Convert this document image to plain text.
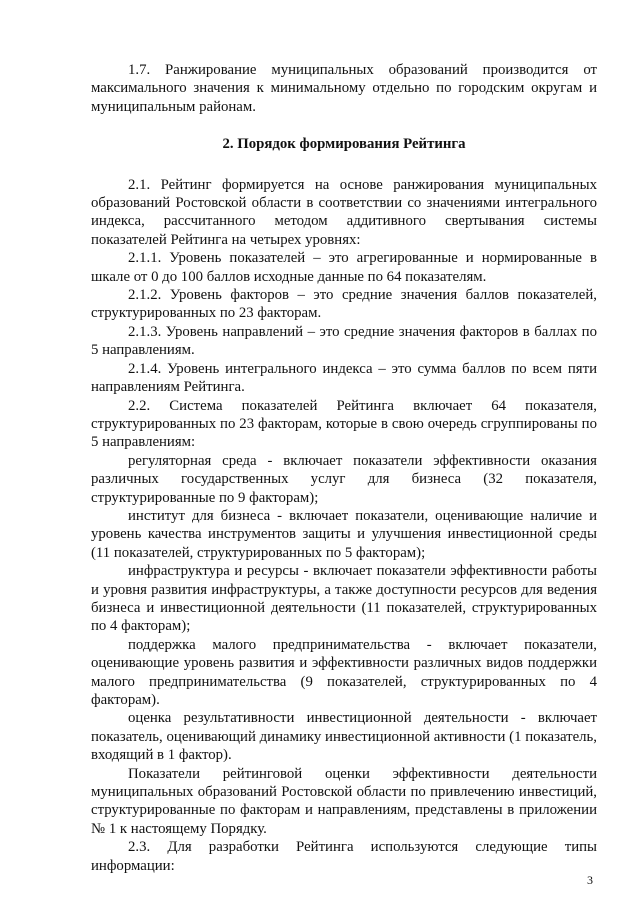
1.7. Ранжирование муниципальных образований производится от максимального значения к минимальному отдельно по городским округам и муниципальным районам.

2. Порядок формирования Рейтинга

2.1. Рейтинг формируется на основе ранжирования муниципальных образований Ростовской области в соответствии со значениями интегрального индекса, рассчитанного методом аддитивного свертывания системы показателей Рейтинга на четырех уровнях:

2.1.1. Уровень показателей – это агрегированные и нормированные в шкале от 0 до 100 баллов исходные данные по 64 показателям.

2.1.2. Уровень факторов – это средние значения баллов показателей, структурированных по 23 факторам.

2.1.3. Уровень направлений – это средние значения факторов в баллах по 5 направлениям.

2.1.4. Уровень интегрального индекса – это сумма баллов по всем пяти направлениям Рейтинга.

2.2. Система показателей Рейтинга включает 64 показателя, структурированных по 23 факторам, которые в свою очередь сгруппированы по 5 направлениям:

регуляторная среда - включает показатели эффективности оказания различных государственных услуг для бизнеса (32 показателя, структурированные по 9 факторам);

институт для бизнеса - включает показатели, оценивающие наличие и уровень качества инструментов защиты и улучшения инвестиционной среды (11 показателей, структурированных по 5 факторам);

инфраструктура и ресурсы - включает показатели эффективности работы и уровня развития инфраструктуры, а также доступности ресурсов для ведения бизнеса и инвестиционной деятельности (11 показателей, структурированных по 4 факторам);

поддержка малого предпринимательства - включает показатели, оценивающие уровень развития и эффективности различных видов поддержки малого предпринимательства (9 показателей, структурированных по 4 факторам).

оценка результативности инвестиционной деятельности - включает показатель, оценивающий динамику инвестиционной активности (1 показатель, входящий в 1 фактор).

Показатели рейтинговой оценки эффективности деятельности муниципальных образований Ростовской области по привлечению инвестиций, структурированные по факторам и направлениям, представлены в приложении № 1 к настоящему Порядку.

2.3. Для разработки Рейтинга используются следующие типы информации:

3
